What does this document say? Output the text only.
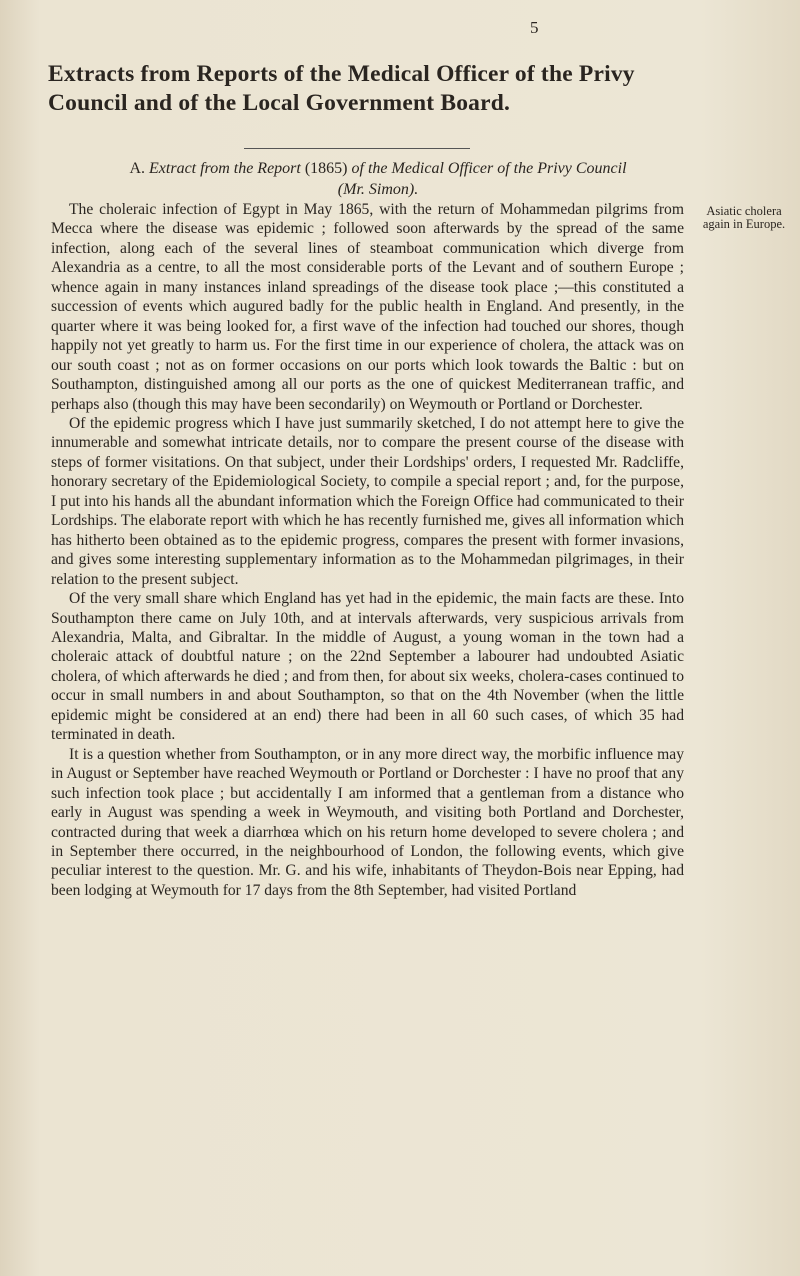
5
Extracts from Reports of the Medical Officer of the Privy Council and of the Local Government Board.

A. Extract from the Report (1865) of the Medical Officer of the Privy Council
(Mr. Simon).

Asiatic cholera again in Europe.

The choleraic infection of Egypt in May 1865, with the return of Mohammedan pilgrims from Mecca where the disease was epidemic ; followed soon afterwards by the spread of the same infection, along each of the several lines of steamboat communication which diverge from Alexandria as a centre, to all the most considerable ports of the Levant and of southern Europe ; whence again in many instances inland spreadings of the disease took place ;—this constituted a succession of events which augured badly for the public health in England. And presently, in the quarter where it was being looked for, a first wave of the infection had touched our shores, though happily not yet greatly to harm us. For the first time in our experience of cholera, the attack was on our south coast ; not as on former occasions on our ports which look towards the Baltic : but on Southampton, distinguished among all our ports as the one of quickest Mediterranean traffic, and perhaps also (though this may have been secondarily) on Weymouth or Portland or Dorchester.

Of the epidemic progress which I have just summarily sketched, I do not attempt here to give the innumerable and somewhat intricate details, nor to compare the present course of the disease with steps of former visitations. On that subject, under their Lordships' orders, I requested Mr. Radcliffe, honorary secretary of the Epidemiological Society, to compile a special report ; and, for the purpose, I put into his hands all the abundant information which the Foreign Office had communicated to their Lordships. The elaborate report with which he has recently furnished me, gives all information which has hitherto been obtained as to the epidemic progress, compares the present with former invasions, and gives some interesting supplementary information as to the Mohammedan pilgrimages, in their relation to the present subject.

Of the very small share which England has yet had in the epidemic, the main facts are these. Into Southampton there came on July 10th, and at intervals afterwards, very suspicious arrivals from Alexandria, Malta, and Gibraltar. In the middle of August, a young woman in the town had a choleraic attack of doubtful nature ; on the 22nd September a labourer had undoubted Asiatic cholera, of which afterwards he died ; and from then, for about six weeks, cholera-cases continued to occur in small numbers in and about Southampton, so that on the 4th November (when the little epidemic might be considered at an end) there had been in all 60 such cases, of which 35 had terminated in death.

It is a question whether from Southampton, or in any more direct way, the morbific influence may in August or September have reached Weymouth or Portland or Dorchester : I have no proof that any such infection took place ; but accidentally I am informed that a gentleman from a distance who early in August was spending a week in Weymouth, and visiting both Portland and Dorchester, contracted during that week a diarrhœa which on his return home developed to severe cholera ; and in September there occurred, in the neighbourhood of London, the following events, which give peculiar interest to the question. Mr. G. and his wife, inhabitants of Theydon-Bois near Epping, had been lodging at Weymouth for 17 days from the 8th September, had visited Portland
